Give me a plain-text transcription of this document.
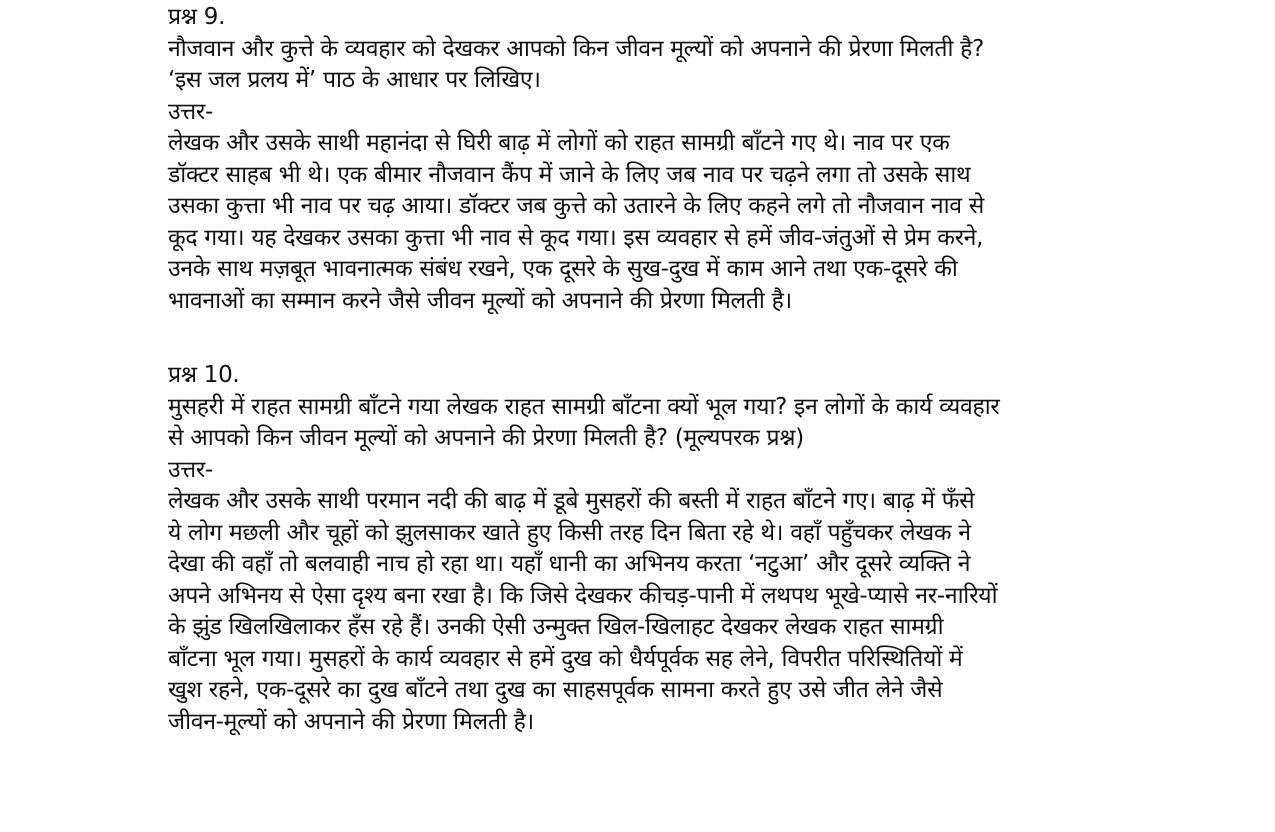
प्रश्न 9.
नौजवान और कुत्ते के व्यवहार को देखकर आपको किन जीवन मूल्यों को अपनाने की प्रेरणा मिलती है?
‘इस जल प्रलय में’ पाठ के आधार पर लिखिए।
उत्तर-
लेखक और उसके साथी महानंदा से घिरी बाढ़ में लोगों को राहत सामग्री बाँटने गए थे। नाव पर एक
डॉक्टर साहब भी थे। एक बीमार नौजवान कैंप में जाने के लिए जब नाव पर चढ़ने लगा तो उसके साथ
उसका कुत्ता भी नाव पर चढ़ आया। डॉक्टर जब कुत्ते को उतारने के लिए कहने लगे तो नौजवान नाव से
कूद गया। यह देखकर उसका कुत्ता भी नाव से कूद गया। इस व्यवहार से हमें जीव-जंतुओं से प्रेम करने,
उनके साथ मज़बूत भावनात्मक संबंध रखने, एक दूसरे के सुख-दुख में काम आने तथा एक-दूसरे की
भावनाओं का सम्मान करने जैसे जीवन मूल्यों को अपनाने की प्रेरणा मिलती है।
प्रश्न 10.
मुसहरी में राहत सामग्री बाँटने गया लेखक राहत सामग्री बाँटना क्यों भूल गया? इन लोगों के कार्य व्यवहार
से आपको किन जीवन मूल्यों को अपनाने की प्रेरणा मिलती है? (मूल्यपरक प्रश्न)
उत्तर-
लेखक और उसके साथी परमान नदी की बाढ़ में डूबे मुसहरों की बस्ती में राहत बाँटने गए। बाढ़ में फँसे
ये लोग मछली और चूहों को झुलसाकर खाते हुए किसी तरह दिन बिता रहे थे। वहाँ पहुँचकर लेखक ने
देखा की वहाँ तो बलवाही नाच हो रहा था। यहाँ धानी का अभिनय करता ‘नटुआ’ और दूसरे व्यक्ति ने
अपने अभिनय से ऐसा दृश्य बना रखा है। कि जिसे देखकर कीचड़-पानी में लथपथ भूखे-प्यासे नर-नारियों
के झुंड खिलखिलाकर हँस रहे हैं। उनकी ऐसी उन्मुक्त खिल-खिलाहट देखकर लेखक राहत सामग्री
बाँटना भूल गया। मुसहरों के कार्य व्यवहार से हमें दुख को धैर्यपूर्वक सह लेने, विपरीत परिस्थितियों में
खुश रहने, एक-दूसरे का दुख बाँटने तथा दुख का साहसपूर्वक सामना करते हुए उसे जीत लेने जैसे
जीवन-मूल्यों को अपनाने की प्रेरणा मिलती है।
